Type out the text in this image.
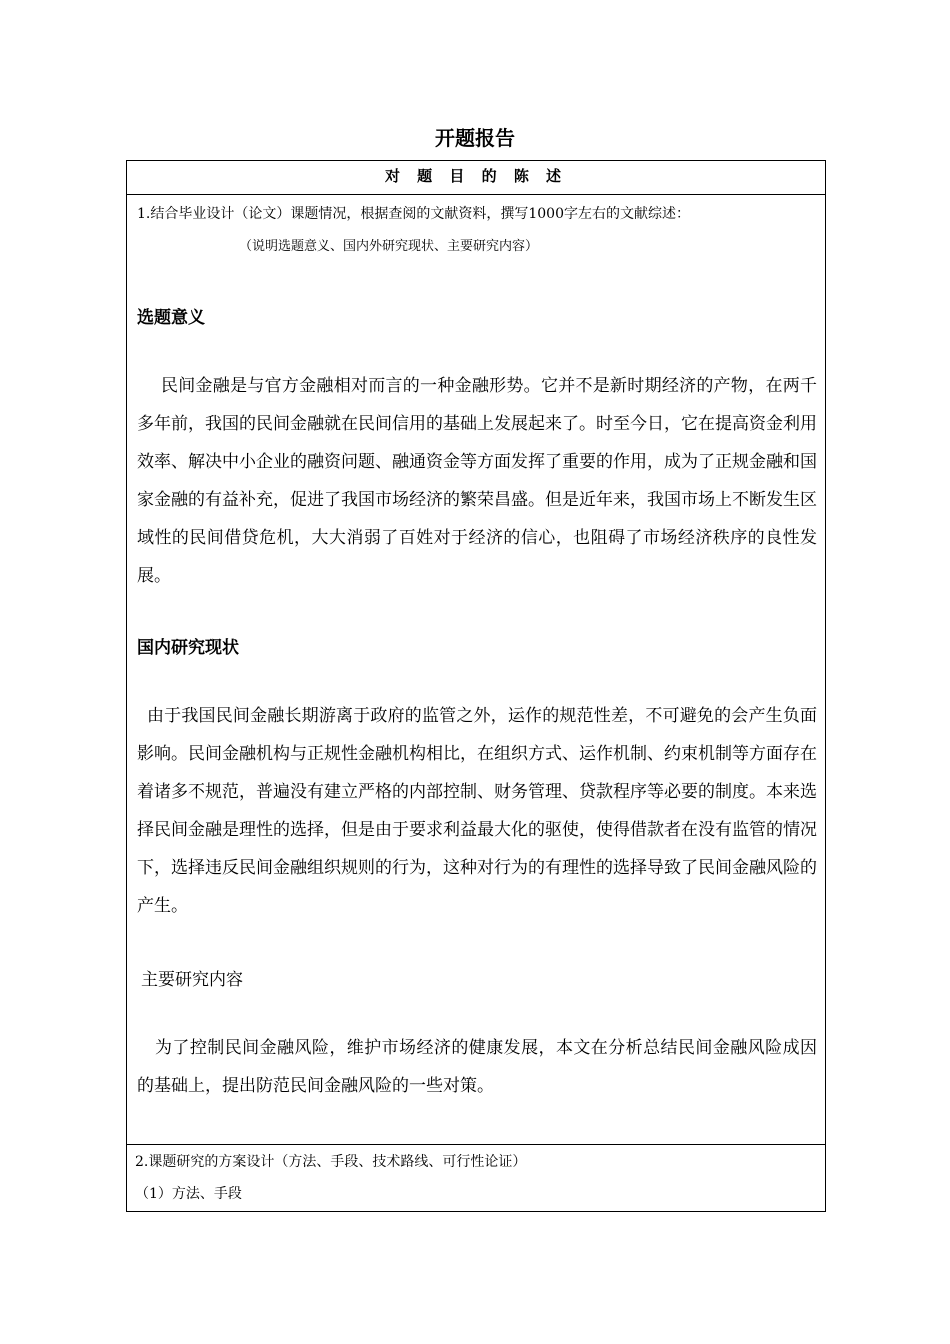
开题报告
对 题 目 的 陈 述
1.结合毕业设计（论文）课题情况，根据查阅的文献资料，撰写1000字左右的文献综述：
（说明选题意义、国内外研究现状、主要研究内容）
选题意义
民间金融是与官方金融相对而言的一种金融形势。它并不是新时期经济的产物，在两千多年前，我国的民间金融就在民间信用的基础上发展起来了。时至今日，它在提高资金利用效率、解决中小企业的融资问题、融通资金等方面发挥了重要的作用，成为了正规金融和国家金融的有益补充，促进了我国市场经济的繁荣昌盛。但是近年来，我国市场上不断发生区域性的民间借贷危机，大大消弱了百姓对于经济的信心，也阻碍了市场经济秩序的良性发展。
国内研究现状
由于我国民间金融长期游离于政府的监管之外，运作的规范性差，不可避免的会产生负面影响。民间金融机构与正规性金融机构相比，在组织方式、运作机制、约束机制等方面存在着诸多不规范，普遍没有建立严格的内部控制、财务管理、贷款程序等必要的制度。本来选择民间金融是理性的选择，但是由于要求利益最大化的驱使，使得借款者在没有监管的情况下，选择违反民间金融组织规则的行为，这种对行为的有理性的选择导致了民间金融风险的产生。
主要研究内容
为了控制民间金融风险，维护市场经济的健康发展，本文在分析总结民间金融风险成因的基础上，提出防范民间金融风险的一些对策。
2.课题研究的方案设计（方法、手段、技术路线、可行性论证）
（1）方法、手段
